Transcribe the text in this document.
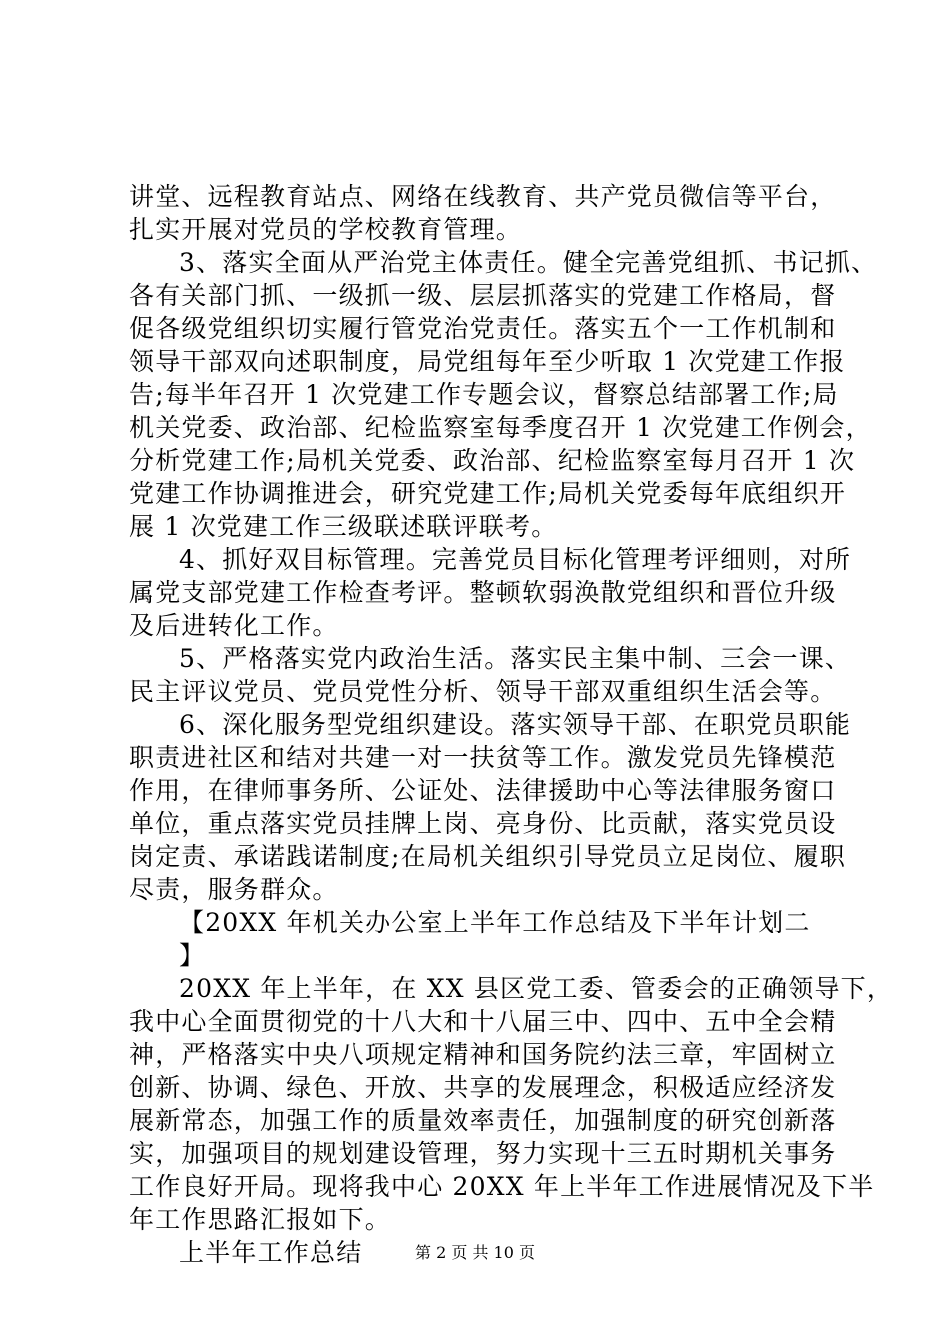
讲堂、远程教育站点、网络在线教育、共产党员微信等平台，
扎实开展对党员的学校教育管理。
3、落实全面从严治党主体责任。健全完善党组抓、书记抓、
各有关部门抓、一级抓一级、层层抓落实的党建工作格局，督
促各级党组织切实履行管党治党责任。落实五个一工作机制和
领导干部双向述职制度，局党组每年至少听取 1 次党建工作报
告;每半年召开 1 次党建工作专题会议，督察总结部署工作;局
机关党委、政治部、纪检监察室每季度召开 1 次党建工作例会，
分析党建工作;局机关党委、政治部、纪检监察室每月召开 1 次
党建工作协调推进会，研究党建工作;局机关党委每年底组织开
展 1 次党建工作三级联述联评联考。
4、抓好双目标管理。完善党员目标化管理考评细则，对所
属党支部党建工作检查考评。整顿软弱涣散党组织和晋位升级
及后进转化工作。
5、严格落实党内政治生活。落实民主集中制、三会一课、
民主评议党员、党员党性分析、领导干部双重组织生活会等。
6、深化服务型党组织建设。落实领导干部、在职党员职能
职责进社区和结对共建一对一扶贫等工作。激发党员先锋模范
作用，在律师事务所、公证处、法律援助中心等法律服务窗口
单位，重点落实党员挂牌上岗、亮身份、比贡献，落实党员设
岗定责、承诺践诺制度;在局机关组织引导党员立足岗位、履职
尽责，服务群众。
【20XX 年机关办公室上半年工作总结及下半年计划二
】
20XX 年上半年，在 XX 县区党工委、管委会的正确领导下，
我中心全面贯彻党的十八大和十八届三中、四中、五中全会精
神，严格落实中央八项规定精神和国务院约法三章，牢固树立
创新、协调、绿色、开放、共享的发展理念，积极适应经济发
展新常态，加强工作的质量效率责任，加强制度的研究创新落
实，加强项目的规划建设管理，努力实现十三五时期机关事务
工作良好开局。现将我中心 20XX 年上半年工作进展情况及下半
年工作思路汇报如下。
上半年工作总结	第 2 页 共 10 页
